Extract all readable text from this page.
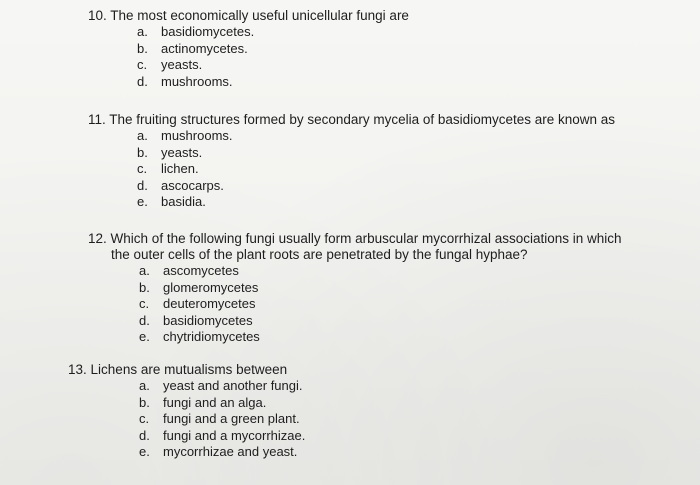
10. The most economically useful unicellular fungi are
a. basidiomycetes.
b. actinomycetes.
c. yeasts.
d. mushrooms.
11. The fruiting structures formed by secondary mycelia of basidiomycetes are known as
a. mushrooms.
b. yeasts.
c. lichen.
d. ascocarps.
e. basidia.
12. Which of the following fungi usually form arbuscular mycorrhizal associations in which
the outer cells of the plant roots are penetrated by the fungal hyphae?
a. ascomycetes
b. glomeromycetes
c. deuteromycetes
d. basidiomycetes
e. chytridiomycetes
13. Lichens are mutualisms between
a. yeast and another fungi.
b. fungi and an alga.
c. fungi and a green plant.
d. fungi and a mycorrhizae.
e. mycorrhizae and yeast.
